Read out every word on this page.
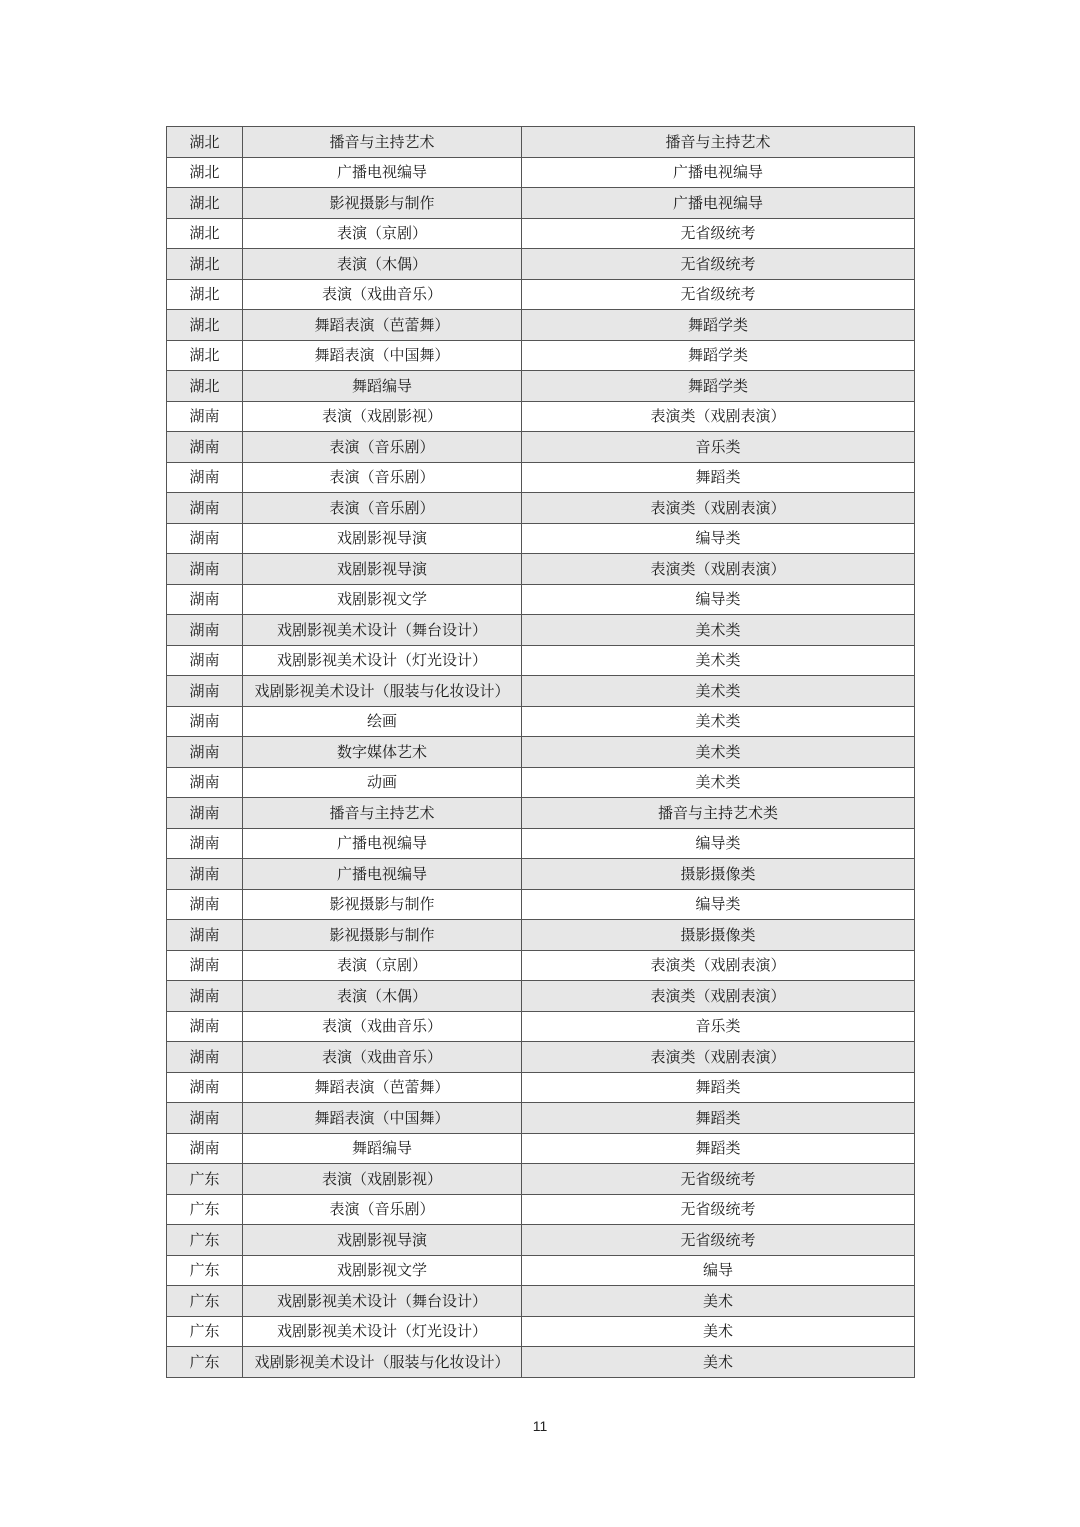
湖北	播音与主持艺术	播音与主持艺术
湖北	广播电视编导	广播电视编导
湖北	影视摄影与制作	广播电视编导
湖北	表演（京剧）	无省级统考
湖北	表演（木偶）	无省级统考
湖北	表演（戏曲音乐）	无省级统考
湖北	舞蹈表演（芭蕾舞）	舞蹈学类
湖北	舞蹈表演（中国舞）	舞蹈学类
湖北	舞蹈编导	舞蹈学类
湖南	表演（戏剧影视）	表演类（戏剧表演）
湖南	表演（音乐剧）	音乐类
湖南	表演（音乐剧）	舞蹈类
湖南	表演（音乐剧）	表演类（戏剧表演）
湖南	戏剧影视导演	编导类
湖南	戏剧影视导演	表演类（戏剧表演）
湖南	戏剧影视文学	编导类
湖南	戏剧影视美术设计（舞台设计）	美术类
湖南	戏剧影视美术设计（灯光设计）	美术类
湖南	戏剧影视美术设计（服装与化妆设计）	美术类
湖南	绘画	美术类
湖南	数字媒体艺术	美术类
湖南	动画	美术类
湖南	播音与主持艺术	播音与主持艺术类
湖南	广播电视编导	编导类
湖南	广播电视编导	摄影摄像类
湖南	影视摄影与制作	编导类
湖南	影视摄影与制作	摄影摄像类
湖南	表演（京剧）	表演类（戏剧表演）
湖南	表演（木偶）	表演类（戏剧表演）
湖南	表演（戏曲音乐）	音乐类
湖南	表演（戏曲音乐）	表演类（戏剧表演）
湖南	舞蹈表演（芭蕾舞）	舞蹈类
湖南	舞蹈表演（中国舞）	舞蹈类
湖南	舞蹈编导	舞蹈类
广东	表演（戏剧影视）	无省级统考
广东	表演（音乐剧）	无省级统考
广东	戏剧影视导演	无省级统考
广东	戏剧影视文学	编导
广东	戏剧影视美术设计（舞台设计）	美术
广东	戏剧影视美术设计（灯光设计）	美术
广东	戏剧影视美术设计（服装与化妆设计）	美术
11
